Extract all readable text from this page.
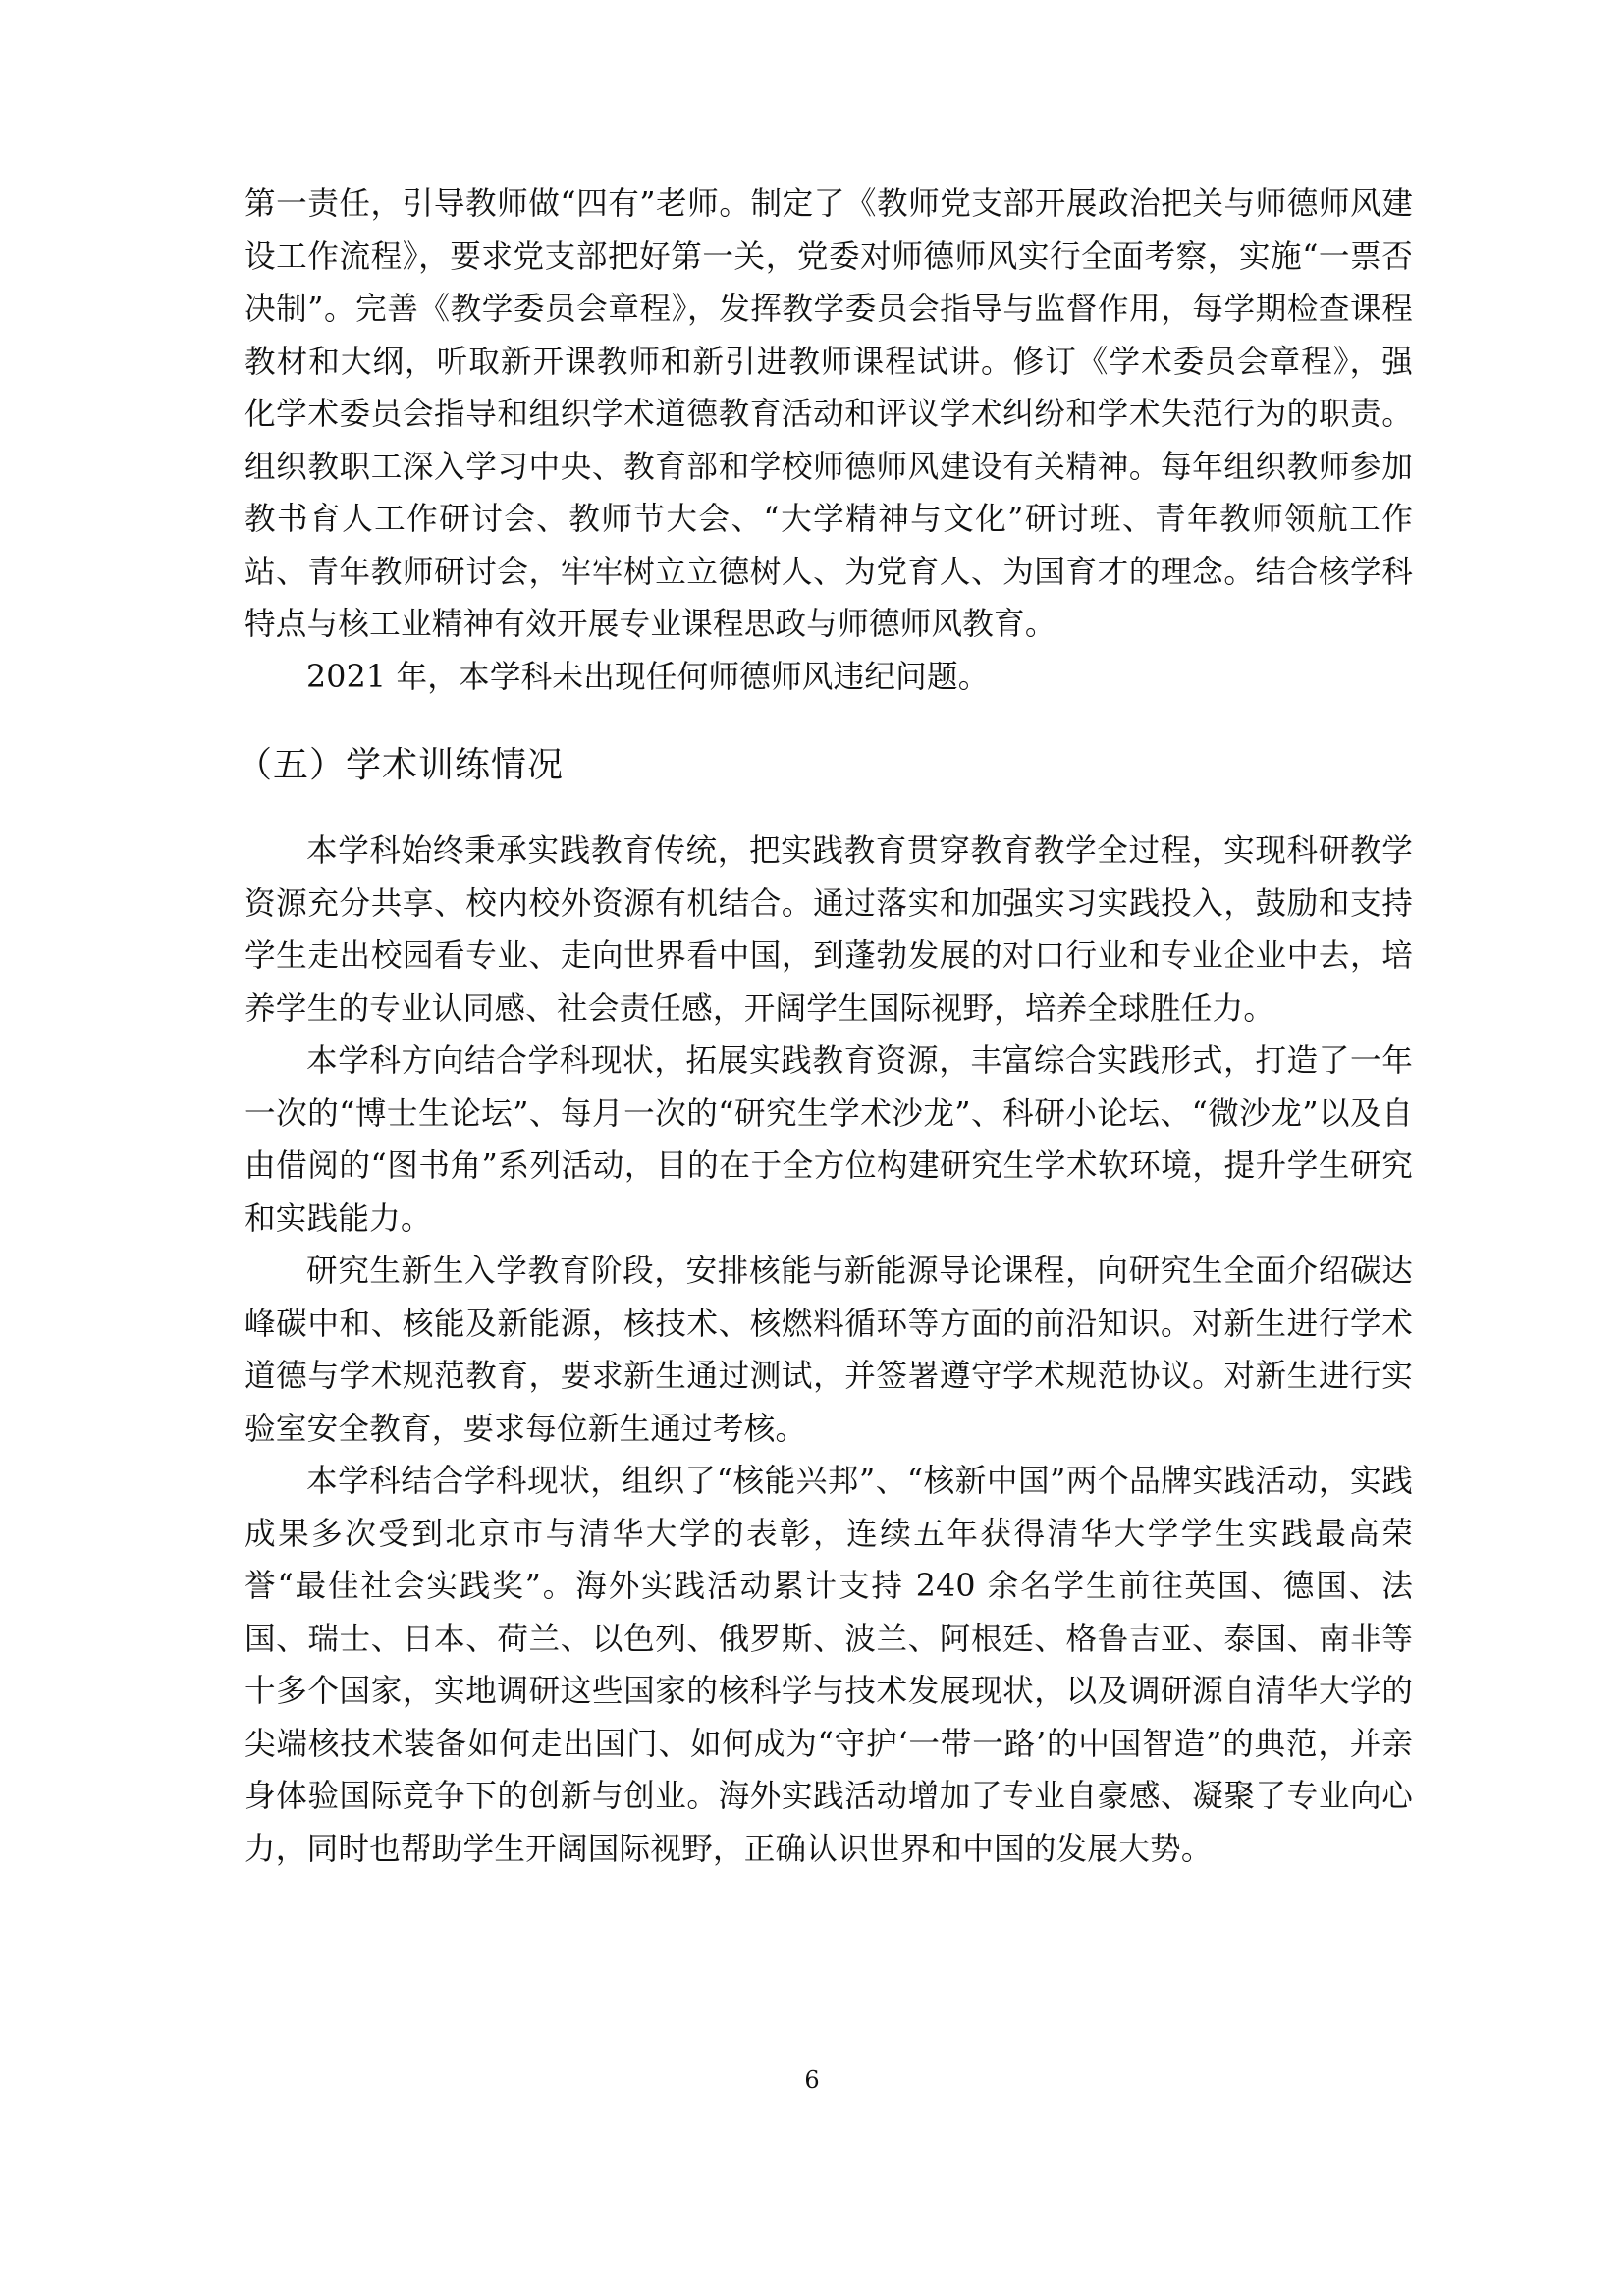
第一责任，引导教师做“四有”老师。制定了《教师党支部开展政治把关与师德师风建设工作流程》，要求党支部把好第一关，党委对师德师风实行全面考察，实施“一票否决制”。完善《教学委员会章程》，发挥教学委员会指导与监督作用，每学期检查课程教材和大纲，听取新开课教师和新引进教师课程试讲。修订《学术委员会章程》，强化学术委员会指导和组织学术道德教育活动和评议学术纠纷和学术失范行为的职责。组织教职工深入学习中央、教育部和学校师德师风建设有关精神。每年组织教师参加教书育人工作研讨会、教师节大会、“大学精神与文化”研讨班、青年教师领航工作站、青年教师研讨会，牢牢树立立德树人、为党育人、为国育才的理念。结合核学科特点与核工业精神有效开展专业课程思政与师德师风教育。

2021 年，本学科未出现任何师德师风违纪问题。

（五）学术训练情况

本学科始终秉承实践教育传统，把实践教育贯穿教育教学全过程，实现科研教学资源充分共享、校内校外资源有机结合。通过落实和加强实习实践投入，鼓励和支持学生走出校园看专业、走向世界看中国，到蓬勃发展的对口行业和专业企业中去，培养学生的专业认同感、社会责任感，开阔学生国际视野，培养全球胜任力。

本学科方向结合学科现状，拓展实践教育资源，丰富综合实践形式，打造了一年一次的“博士生论坛”、每月一次的“研究生学术沙龙”、科研小论坛、“微沙龙”以及自由借阅的“图书角”系列活动，目的在于全方位构建研究生学术软环境，提升学生研究和实践能力。

研究生新生入学教育阶段，安排核能与新能源导论课程，向研究生全面介绍碳达峰碳中和、核能及新能源，核技术、核燃料循环等方面的前沿知识。对新生进行学术道德与学术规范教育，要求新生通过测试，并签署遵守学术规范协议。对新生进行实验室安全教育，要求每位新生通过考核。

本学科结合学科现状，组织了“核能兴邦”、“核新中国”两个品牌实践活动，实践成果多次受到北京市与清华大学的表彰，连续五年获得清华大学学生实践最高荣誉“最佳社会实践奖”。海外实践活动累计支持 240 余名学生前往英国、德国、法国、瑞士、日本、荷兰、以色列、俄罗斯、波兰、阿根廷、格鲁吉亚、泰国、南非等十多个国家，实地调研这些国家的核科学与技术发展现状，以及调研源自清华大学的尖端核技术装备如何走出国门、如何成为“守护‘一带一路’的中国智造”的典范，并亲身体验国际竞争下的创新与创业。海外实践活动增加了专业自豪感、凝聚了专业向心力，同时也帮助学生开阔国际视野，正确认识世界和中国的发展大势。

6
